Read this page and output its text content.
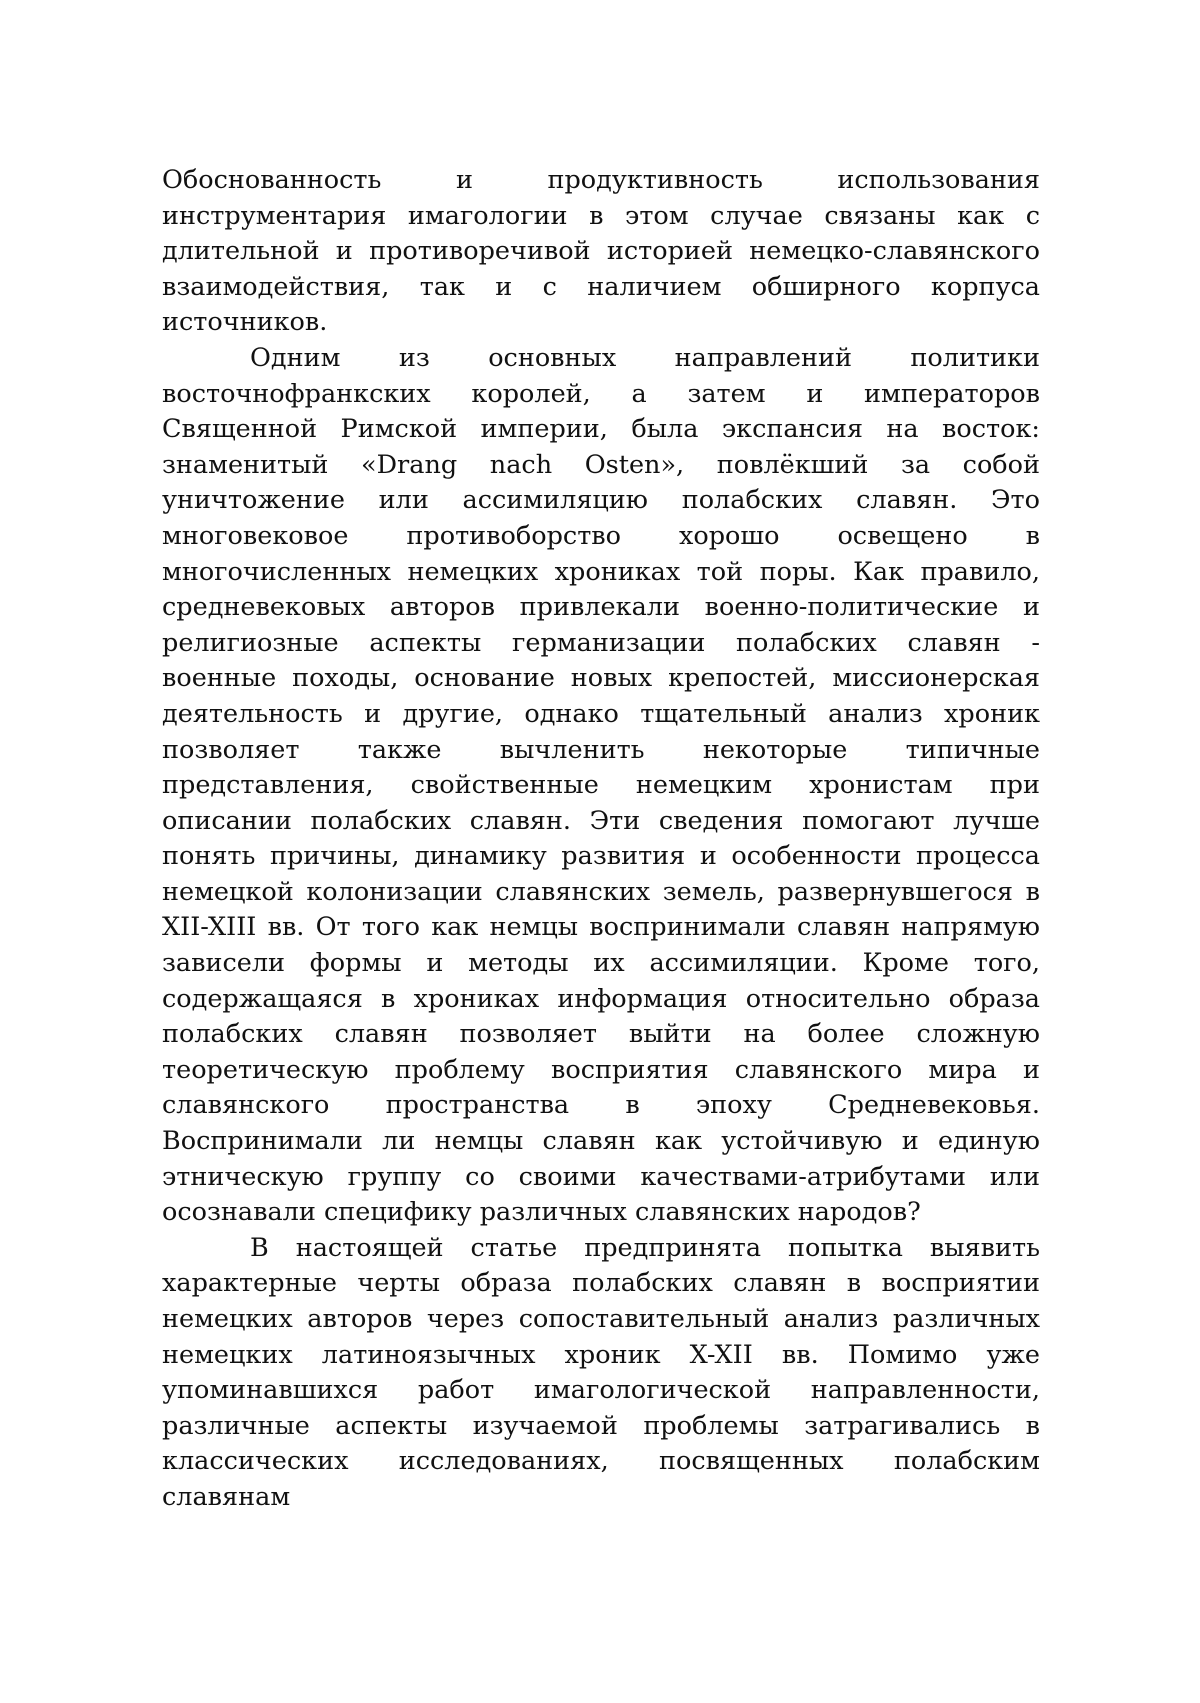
Обоснованность и продуктивность использования инструментария имагологии в этом случае связаны как с длительной и противоречивой историей немецко-славянского взаимодействия, так и с наличием обширного корпуса источников.

Одним из основных направлений политики восточнофранкских королей, а затем и императоров Священной Римской империи, была экспансия на восток: знаменитый «Drang nach Osten», повлёкший за собой уничтожение или ассимиляцию полабских славян. Это многовековое противоборство хорошо освещено в многочисленных немецких хрониках той поры. Как правило, средневековых авторов привлекали военно-политические и религиозные аспекты германизации полабских славян - военные походы, основание новых крепостей, миссионерская деятельность и другие, однако тщательный анализ хроник позволяет также вычленить некоторые типичные представления, свойственные немецким хронистам при описании полабских славян. Эти сведения помогают лучше понять причины, динамику развития и особенности процесса немецкой колонизации славянских земель, развернувшегося в XII-XIII вв. От того как немцы воспринимали славян напрямую зависели формы и методы их ассимиляции. Кроме того, содержащаяся в хрониках информация относительно образа полабских славян позволяет выйти на более сложную теоретическую проблему восприятия славянского мира и славянского пространства в эпоху Средневековья. Воспринимали ли немцы славян как устойчивую и единую этническую группу со своими качествами-атрибутами или осознавали специфику различных славянских народов?

В настоящей статье предпринята попытка выявить характерные черты образа полабских славян в восприятии немецких авторов через сопоставительный анализ различных немецких латиноязычных хроник X-XII вв. Помимо уже упоминавшихся работ имагологической направленности, различные аспекты изучаемой проблемы затрагивались в классических исследованиях, посвященных полабским славянам
